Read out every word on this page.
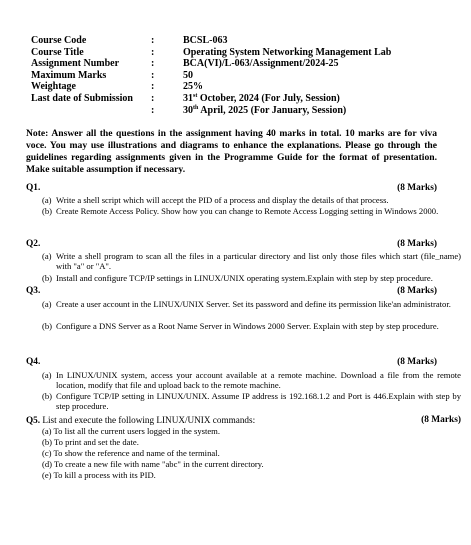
Course Code	:	BCSL-063
Course Title	:	Operating System Networking Management Lab
Assignment Number	:	BCA(VI)/L-063/Assignment/2024-25
Maximum Marks	:	50
Weightage	:	25%
Last date of Submission :	31st October, 2024 (For July, Session)
:	30th April, 2025 (For January, Session)
Note: Answer all the questions in the assignment having 40 marks in total. 10 marks are for viva voce. You may use illustrations and diagrams to enhance the explanations. Please go through the guidelines regarding assignments given in the Programme Guide for the format of presentation. Make suitable assumption if necessary.
Q1.	(8 Marks)
(a) Write a shell script which will accept the PID of a process and display the details of that process.
(b) Create Remote Access Policy. Show how you can change to Remote Access Logging setting in Windows 2000.
Q2.	(8 Marks)
(a) Write a shell program to scan all the files in a particular directory and list only those files which start (file_name) with "a" or "A".
(b) Install and configure TCP/IP settings in LINUX/UNIX operating system.Explain with step by step procedure.
Q3.	(8 Marks)
(a) Create a user account in the LINUX/UNIX Server. Set its password and define its permission like'an administrator.
(b) Configure a DNS Server as a Root Name Server in Windows 2000 Server. Explain with step by step procedure.
Q4.	(8 Marks)
(a) In LINUX/UNIX system, access your account available at a remote machine. Download a file from the remote location, modify that file and upload back to the remote machine.
(b) Configure TCP/IP setting in LINUX/UNIX. Assume IP address is 192.168.1.2 and Port is 446.Explain with step by step procedure.
Q5. List and execute the following LINUX/UNIX commands:	(8 Marks)
(a) To list all the current users logged in the system.
(b) To print and set the date.
(c) To show the reference and name of the terminal.
(d) To create a new file with name "abc" in the current directory.
(e) To kill a process with its PID.
